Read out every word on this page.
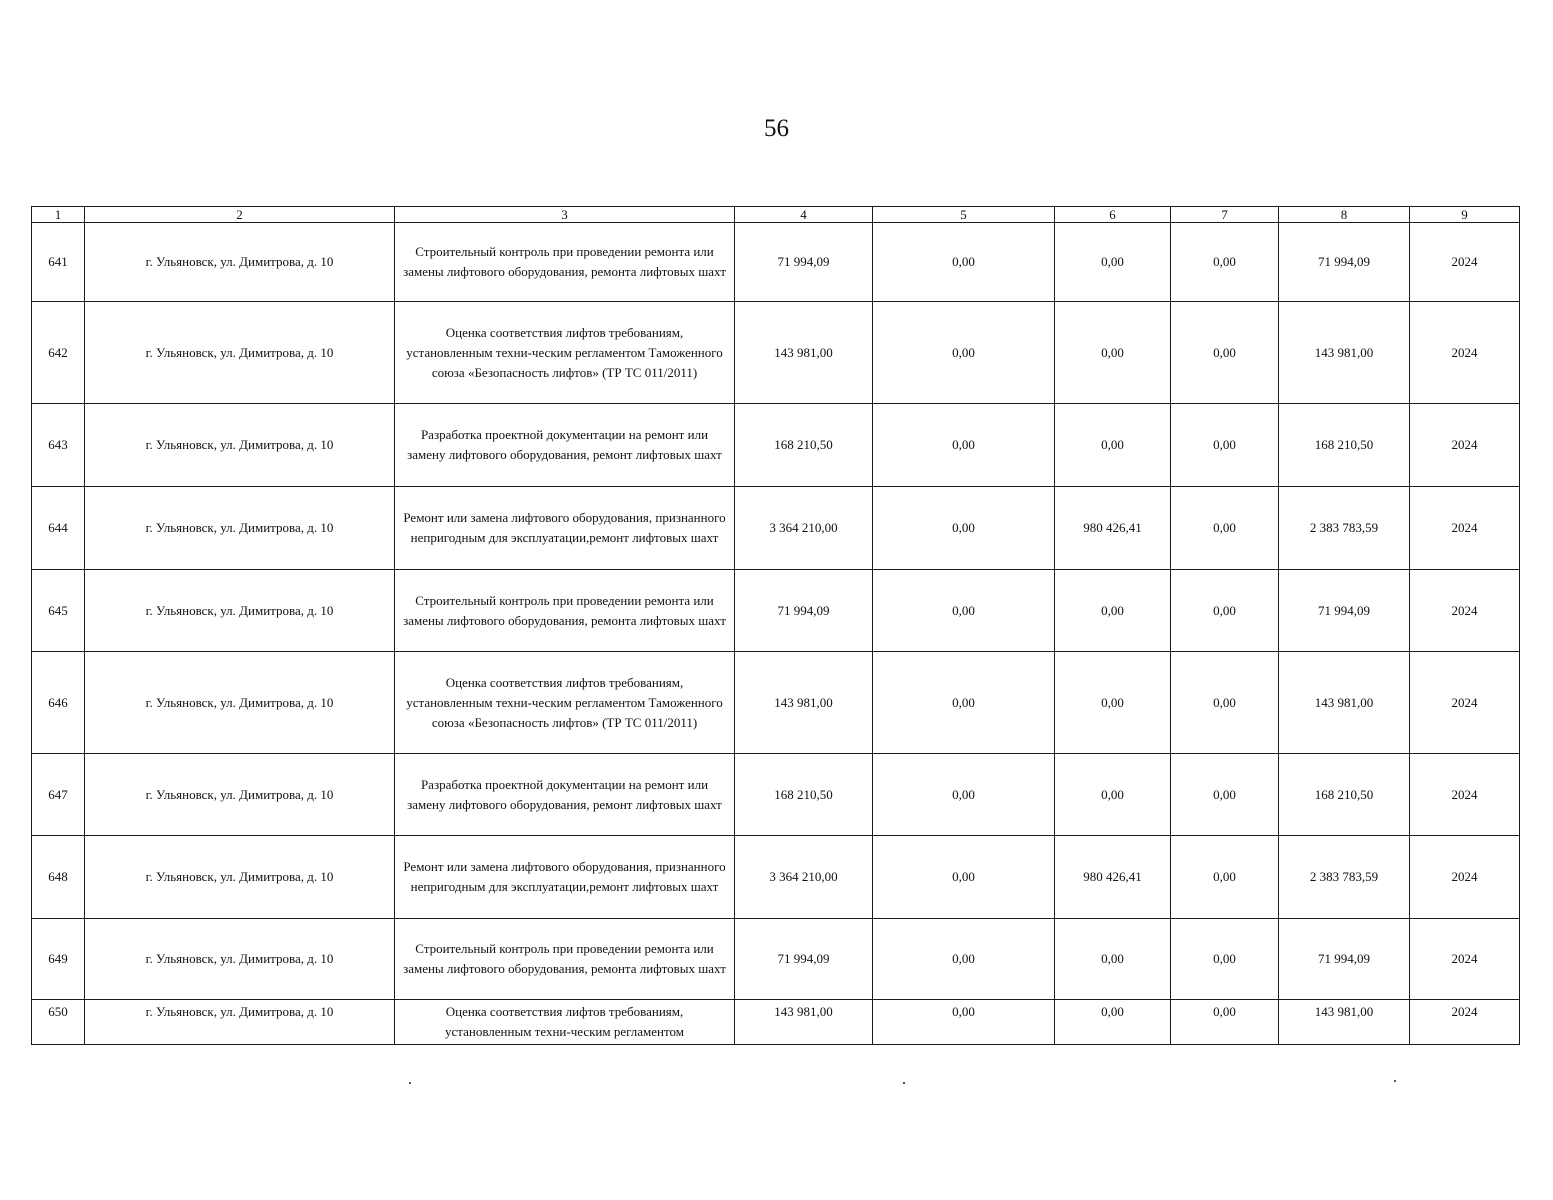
56
1	2	3	4	5	6	7	8	9
641	г. Ульяновск, ул. Димитрова, д. 10	Строительный контроль при проведении ремонта или замены лифтового оборудования, ремонта лифтовых шахт	71 994,09	0,00	0,00	0,00	71 994,09	2024
642	г. Ульяновск, ул. Димитрова, д. 10	Оценка соответствия лифтов требованиям, установленным техни-ческим регламентом Таможенного союза «Безопасность лифтов» (ТР ТС 011/2011)	143 981,00	0,00	0,00	0,00	143 981,00	2024
643	г. Ульяновск, ул. Димитрова, д. 10	Разработка проектной документации на ремонт или замену лифтового оборудования, ремонт лифтовых шахт	168 210,50	0,00	0,00	0,00	168 210,50	2024
644	г. Ульяновск, ул. Димитрова, д. 10	Ремонт или замена лифтового оборудования, признанного непригодным для эксплуатации,ремонт лифтовых шахт	3 364 210,00	0,00	980 426,41	0,00	2 383 783,59	2024
645	г. Ульяновск, ул. Димитрова, д. 10	Строительный контроль при проведении ремонта или замены лифтового оборудования, ремонта лифтовых шахт	71 994,09	0,00	0,00	0,00	71 994,09	2024
646	г. Ульяновск, ул. Димитрова, д. 10	Оценка соответствия лифтов требованиям, установленным техни-ческим регламентом Таможенного союза «Безопасность лифтов» (ТР ТС 011/2011)	143 981,00	0,00	0,00	0,00	143 981,00	2024
647	г. Ульяновск, ул. Димитрова, д. 10	Разработка проектной документации на ремонт или замену лифтового оборудования, ремонт лифтовых шахт	168 210,50	0,00	0,00	0,00	168 210,50	2024
648	г. Ульяновск, ул. Димитрова, д. 10	Ремонт или замена лифтового оборудования, признанного непригодным для эксплуатации,ремонт лифтовых шахт	3 364 210,00	0,00	980 426,41	0,00	2 383 783,59	2024
649	г. Ульяновск, ул. Димитрова, д. 10	Строительный контроль при проведении ремонта или замены лифтового оборудования, ремонта лифтовых шахт	71 994,09	0,00	0,00	0,00	71 994,09	2024
650	г. Ульяновск, ул. Димитрова, д. 10	Оценка соответствия лифтов требованиям, установленным техни-ческим регламентом	143 981,00	0,00	0,00	0,00	143 981,00	2024
